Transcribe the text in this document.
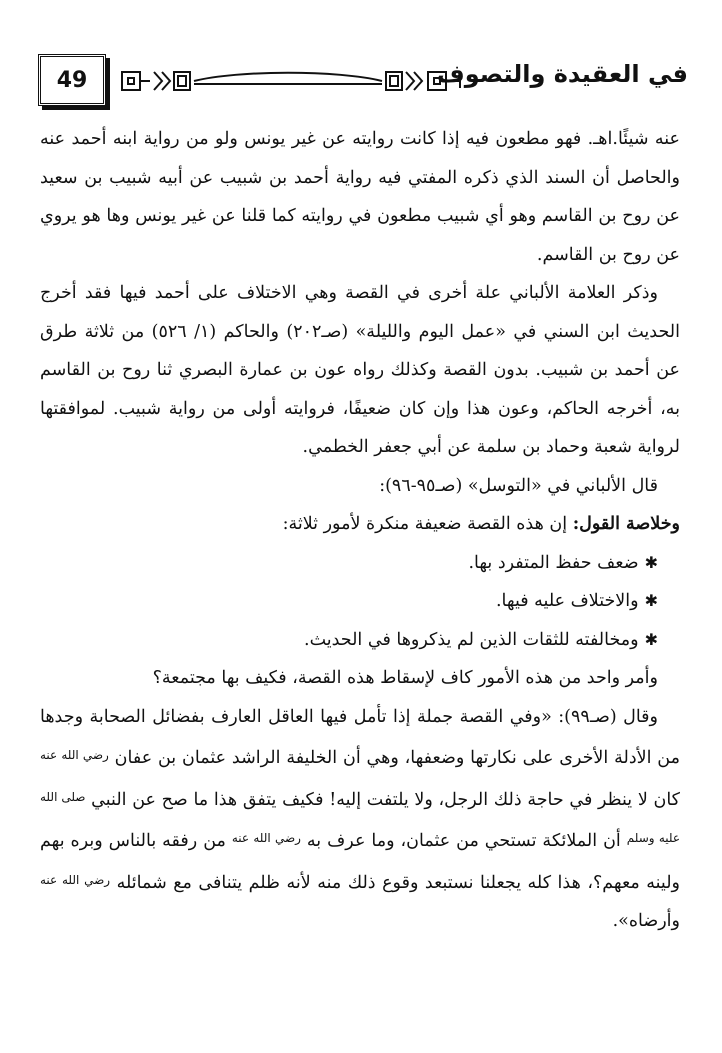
49	في العقيدة والتصوف

عنه شيئًا.اهـ. فهو مطعون فيه إذا كانت روايته عن غير يونس ولو من رواية ابنه أحمد عنه والحاصل أن السند الذي ذكره المفتي فيه رواية أحمد بن شبيب عن أبيه شبيب بن سعيد عن روح بن القاسم وهو أي شبيب مطعون في روايته كما قلنا عن غير يونس وها هو يروي عن روح بن القاسم.

وذكر العلامة الألباني علة أخرى في القصة وهي الاختلاف على أحمد فيها فقد أخرج الحديث ابن السني في «عمل اليوم والليلة» (صـ٢٠٢) والحاكم (١/ ٥٢٦) من ثلاثة طرق عن أحمد بن شبيب. بدون القصة وكذلك رواه عون بن عمارة البصري ثنا روح بن القاسم به، أخرجه الحاكم، وعون هذا وإن كان ضعيفًا، فروايته أولى من رواية شبيب. لموافقتها لرواية شعبة وحماد بن سلمة عن أبي جعفر الخطمي.

قال الألباني في «التوسل» (صـ٩٥-٩٦):

وخلاصة القول: إن هذه القصة ضعيفة منكرة لأمور ثلاثة:

✱
ضعف حفظ المتفرد بها.
✱
والاختلاف عليه فيها.
✱
ومخالفته للثقات الذين لم يذكروها في الحديث.

وأمر واحد من هذه الأمور كاف لإسقاط هذه القصة، فكيف بها مجتمعة؟

وقال (صـ٩٩): «وفي القصة جملة إذا تأمل فيها العاقل العارف بفضائل الصحابة وجدها من الأدلة الأخرى على نكارتها وضعفها، وهي أن الخليفة الراشد عثمان بن عفان $^{رضي الله عنه}$ كان لا ينظر في حاجة ذلك الرجل، ولا يلتفت إليه! فكيف يتفق هذا ما صح عن النبي $^{صلى الله عليه وسلم}$ أن الملائكة تستحي من عثمان، وما عرف به $^{رضي الله عنه}$ من رفقه بالناس وبره بهم ولينه معهم؟، هذا كله يجعلنا نستبعد وقوع ذلك منه لأنه ظلم يتنافى مع شمائله $^{رضي الله عنه}$ وأرضاه».
